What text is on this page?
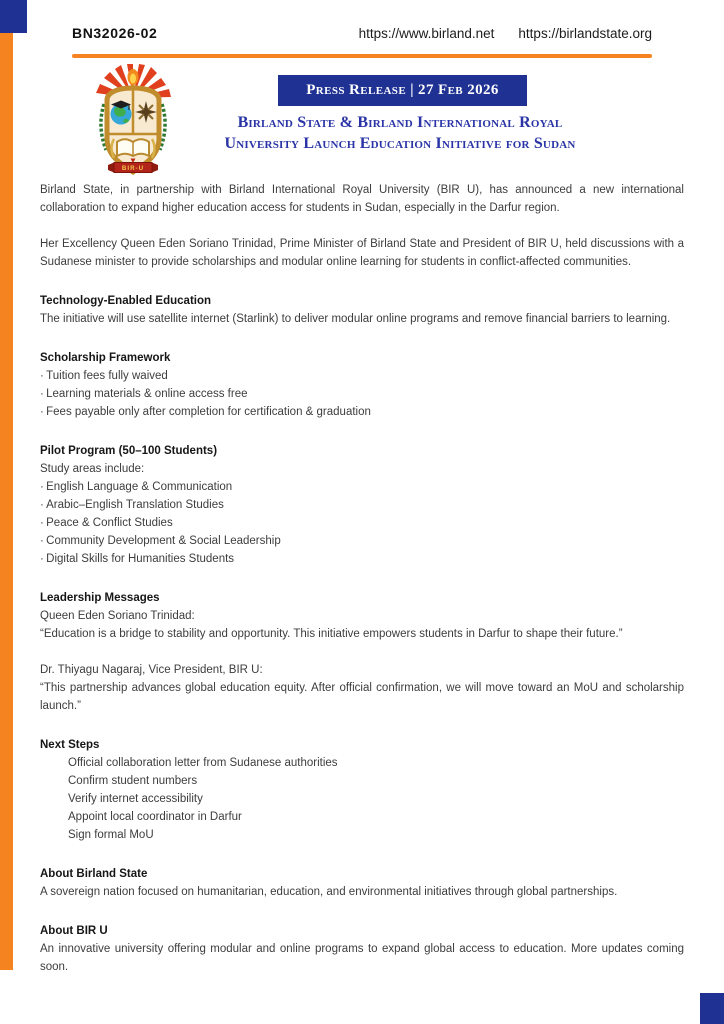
BN32026-02	https://www.birland.net https://birlandstate.org
BIR-U
Press Release | 27 Feb 2026
Birland State & Birland International Royal
University Launch Education Initiative for Sudan

Birland State, in partnership with Birland International Royal University (BIR U), has announced a new international collaboration to expand higher education access for students in Sudan, especially in the Darfur region.

Her Excellency Queen Eden Soriano Trinidad, Prime Minister of Birland State and President of BIR U, held discussions with a Sudanese minister to provide scholarships and modular online learning for students in conflict-affected communities.

Technology-Enabled Education

The initiative will use satellite internet (Starlink) to deliver modular online programs and remove financial barriers to learning.

Scholarship Framework
· Tuition fees fully waived
· Learning materials & online access free
· Fees payable only after completion for certification & graduation
Pilot Program (50–100 Students)

Study areas include:

· English Language & Communication
· Arabic–English Translation Studies
· Peace & Conflict Studies
· Community Development & Social Leadership
· Digital Skills for Humanities Students
Leadership Messages

Queen Eden Soriano Trinidad:

“Education is a bridge to stability and opportunity. This initiative empowers students in Darfur to shape their future.”

Dr. Thiyagu Nagaraj, Vice President, BIR U:

“This partnership advances global education equity. After official confirmation, we will move toward an MoU and scholarship launch.”

Next Steps
Official collaboration letter from Sudanese authorities
Confirm student numbers
Verify internet accessibility
Appoint local coordinator in Darfur
Sign formal MoU
About Birland State

A sovereign nation focused on humanitarian, education, and environmental initiatives through global partnerships.

About BIR U

An innovative university offering modular and online programs to expand global access to education. More updates coming soon.
